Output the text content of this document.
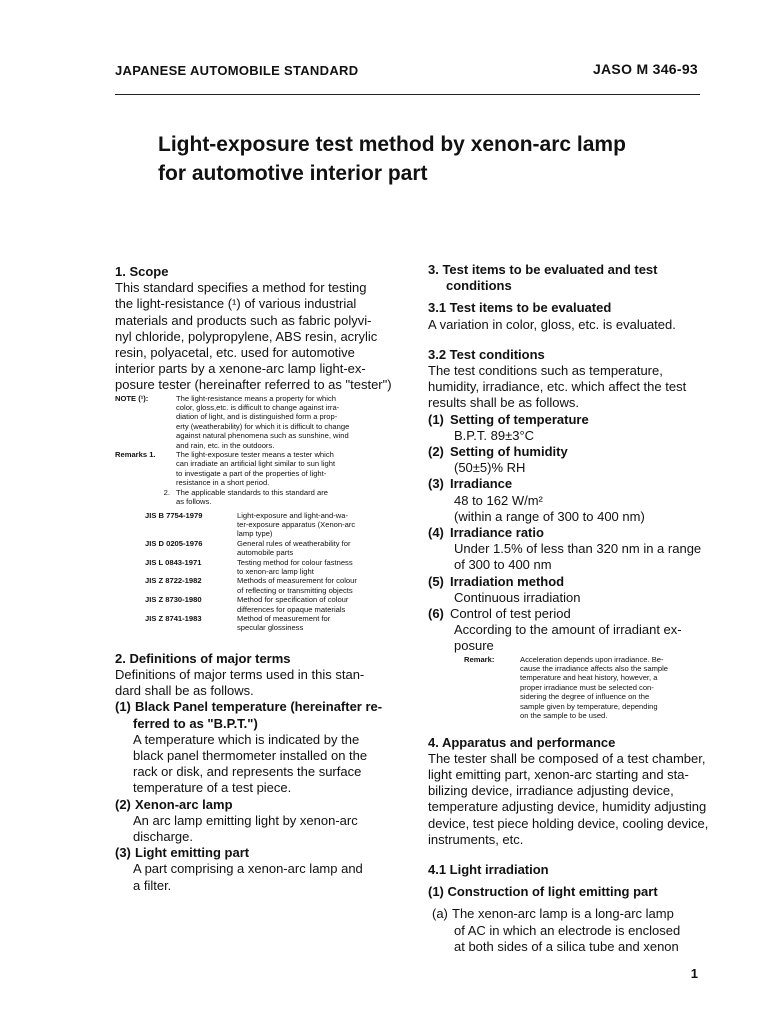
JAPANESE AUTOMOBILE STANDARD	JASO M 346-93
Light-exposure test method by xenon-arc lamp
for automotive interior part
1. Scope
This standard specifies a method for testing
the light-resistance (¹) of various industrial
materials and products such as fabric polyvi-
nyl chloride, polypropylene, ABS resin, acrylic
resin, polyacetal, etc. used for automotive
interior parts by a xenone-arc lamp light-ex-
posure tester (hereinafter referred to as "tester")
NOTE (¹):	The light-resistance means a property for which
color, gloss,etc. is difficult to change against irra-
diation of light, and is distinguished form a prop-
erty (weatherability) for which it is difficult to change
against natural phenomena such as sunshine, wind
and rain, etc. in the outdoors.
Remarks 1.	The light-exposure tester means a tester which
can irradiate an artificial light similar to sun light
to investigate a part of the properties of light-
resistance in a short period.
2. The applicable standards to this standard are
as follows.
JIS B 7754-1979	Light-exposure and light-and-wa-
ter-exposure apparatus (Xenon-arc
lamp type)
JIS D 0205-1976	General rules of weatherability for
automobile parts
JIS L 0843-1971	Testing method for colour fastness
to xenon-arc lamp light
JIS Z 8722-1982	Methods of measurement for colour
of reflecting or transmitting objects
JIS Z 8730-1980	Method for specification of colour
differences for opaque materials
JIS Z 8741-1983	Method of measurement for
specular glossiness
2. Definitions of major terms
Definitions of major terms used in this stan-
dard shall be as follows.
(1) Black Panel temperature (hereinafter re-
ferred to as "B.P.T.")
A temperature which is indicated by the
black panel thermometer installed on the
rack or disk, and represents the surface
temperature of a test piece.
(2) Xenon-arc lamp
An arc lamp emitting light by xenon-arc
discharge.
(3) Light emitting part
A part comprising a xenon-arc lamp and
a filter.
3. Test items to be evaluated and test
conditions
3.1 Test items to be evaluated
A variation in color, gloss, etc. is evaluated.
3.2 Test conditions
The test conditions such as temperature,
humidity, irradiance, etc. which affect the test
results shall be as follows.
(1) Setting of temperature
B.P.T. 89±3°C
(2) Setting of humidity
(50±5)% RH
(3) Irradiance
48 to 162 W/m²
(within a range of 300 to 400 nm)
(4) Irradiance ratio
Under 1.5% of less than 320 nm in a range
of 300 to 400 nm
(5) Irradiation method
Continuous irradiation
(6) Control of test period
According to the amount of irradiant ex-
posure
Remark:	Acceleration depends upon irradiance. Be-
cause the irradiance affects also the sample
temperature and heat history, however, a
proper irradiance must be selected con-
sidering the degree of influence on the
sample given by temperature, depending
on the sample to be used.
4. Apparatus and performance
The tester shall be composed of a test chamber,
light emitting part, xenon-arc starting and sta-
bilizing device, irradiance adjusting device,
temperature adjusting device, humidity adjusting
device, test piece holding device, cooling device,
instruments, etc.
4.1 Light irradiation
(1) Construction of light emitting part
(a) The xenon-arc lamp is a long-arc lamp
of AC in which an electrode is enclosed
at both sides of a silica tube and xenon
1
